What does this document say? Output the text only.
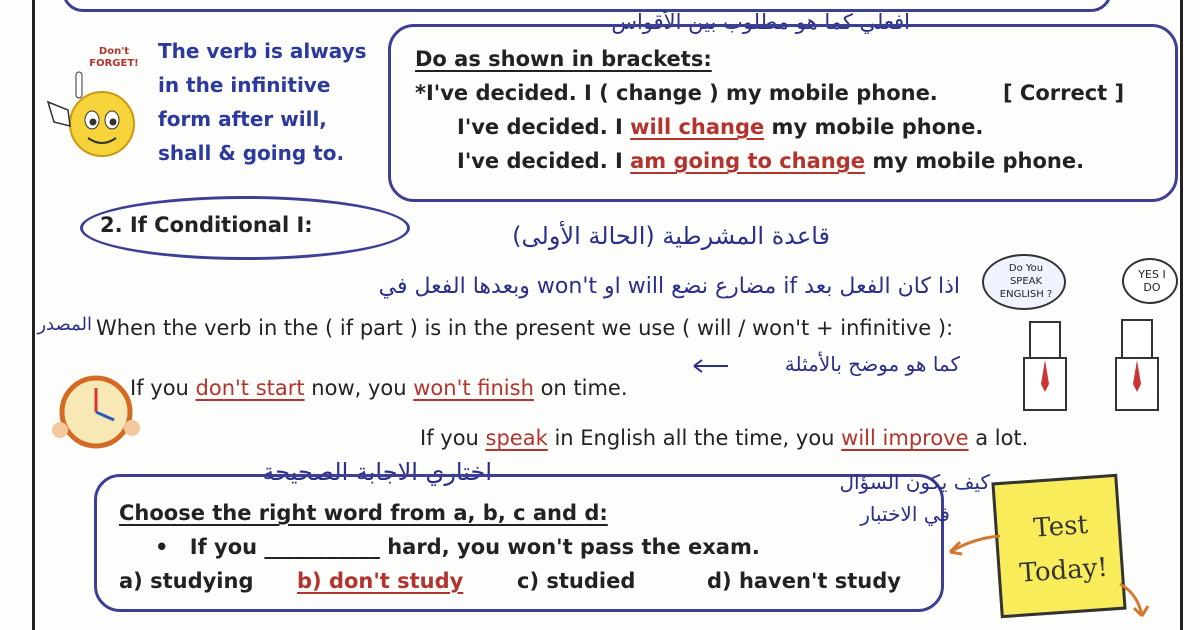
افعلي كما هو مطلوب بين الأقواس
Don't FORGET!
The verb is always
in the infinitive
form after will,
shall & going to.
Do as shown in brackets:
*I've decided. I ( change ) my mobile phone.	[ Correct ]
I've decided. I will change my mobile phone.
I've decided. I am going to change my mobile phone.
2. If Conditional I:	قاعدة المشرطية (الحالة الأولى)
اذا كان الفعل بعد if مضارع نضع will او won't وبعدها الفعل في
المصدر When the verb in the ( if part ) is in the present we use ( will / won't + infinitive ):
If you don't start now, you won't finish on time.
كما هو موضح بالأمثلة
If you speak in English all the time, you will improve a lot.
Do You SPEAK ENGLISH ?
YES I DO
اختاري الاجابة الصحيحة
Choose the right word from a, b, c and d:
• If you ___________ hard, you won't pass the exam.
a) studying b) don't study	c) studied	d) haven't study
كيف يكون السؤال
في الاختبار	Test Today!
